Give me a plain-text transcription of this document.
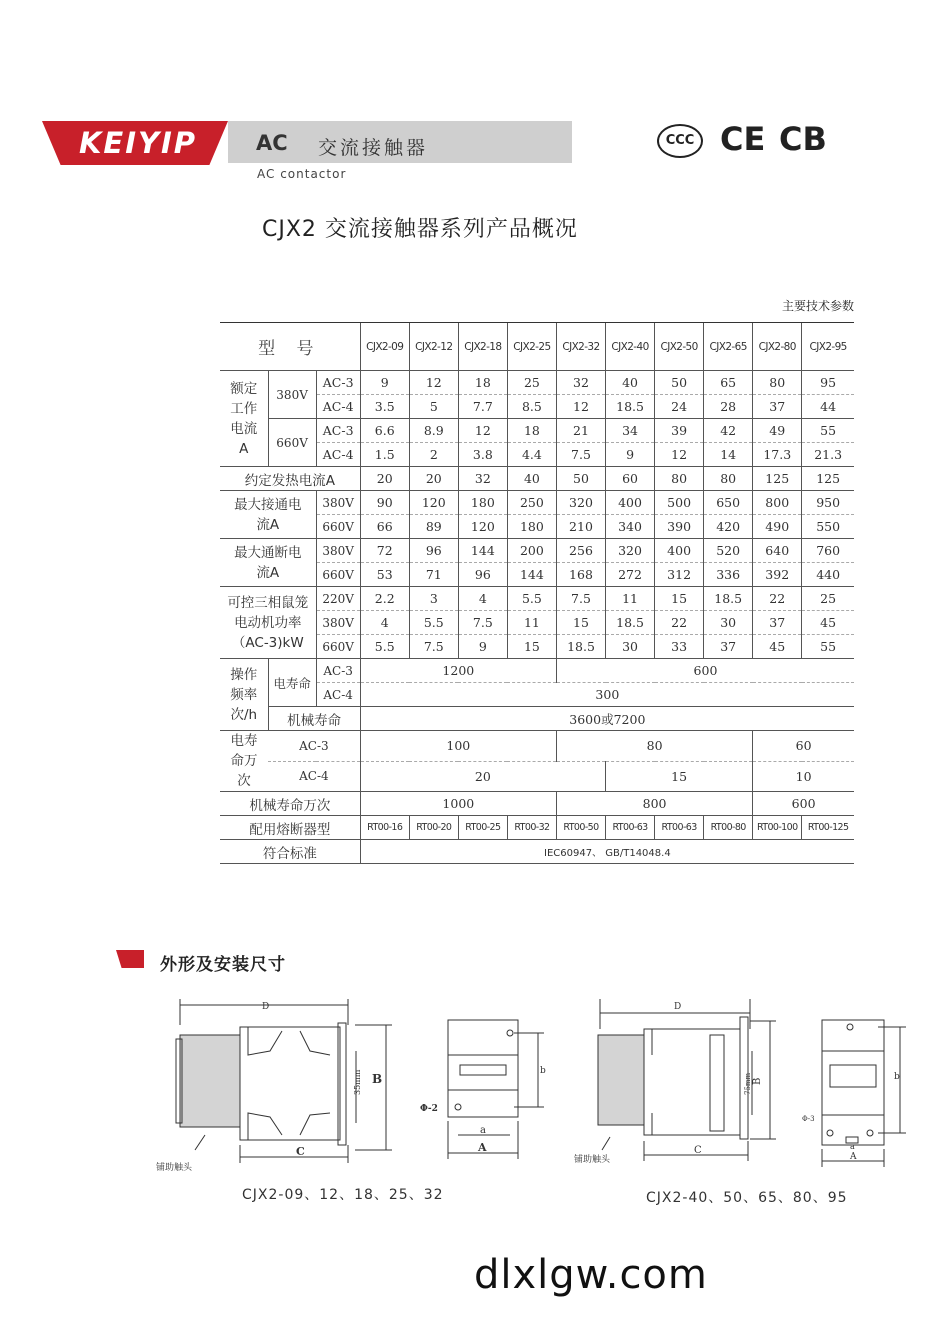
KEIYIP	AC 交流接触器
AC contactor
CCC CE CB
CJX2 交流接触器系列产品概况
主要技术参数
型 号			CJX2-09	CJX2-12	CJX2-18	CJX2-25	CJX2-32	CJX2-40	CJX2-50	CJX2-65	CJX2-80	CJX2-95
额定工作电流A	380V	AC-3	9	12	18	25	32	40	50	65	80	95
		AC-4	3.5	5	7.7	8.5	12	18.5	24	28	37	44
	660V	AC-3	6.6	8.9	12	18	21	34	39	42	49	55
		AC-4	1.5	2	3.8	4.4	7.5	9	12	14	17.3	21.3
约定发热电流A			20	20	32	40	50	60	80	80	125	125
最大接通电流A		380V	90	120	180	250	320	400	500	650	800	950
		660V	66	89	120	180	210	340	390	420	490	550
最大通断电流A		380V	72	96	144	200	256	320	400	520	640	760
		660V	53	71	96	144	168	272	312	336	392	440
可控三相鼠笼电动机功率（AC-3)kW		220V	2.2	3	4	5.5	7.5	11	15	18.5	22	25
		380V	4	5.5	7.5	11	15	18.5	22	30	37	45
		660V	5.5	7.5	9	15	18.5	30	33	37	45	55
操作频率次/h	电寿命	AC-3	1200				600					
		AC-4	300									
	机械寿命		3600或7200									
电寿命万次	AC-3		100				80				60	
	AC-4		20					15			10	
机械寿命万次			1000				800				600	
配用熔断器型			RT00-16	RT00-20	RT00-25	RT00-32	RT00-50	RT00-63	RT00-63	RT00-80	RT00-100	RT00-125
符合标准			IEC60947、 GB/T14048.4									
外形及安装尺寸
D
C
B
35mm
铺助触头
Φ-2
a
A
b
CJX2-09、12、18、25、32
D
C
B
75mm
铺助触头
Φ-3
a
A
b
CJX2-40、50、65、80、95
dlxlgw.com
